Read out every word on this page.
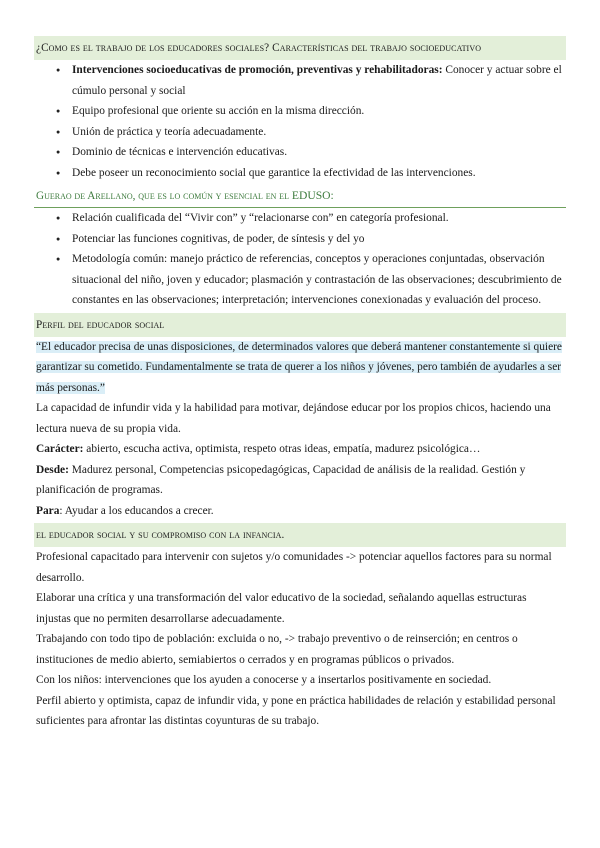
¿Como es el trabajo de los educadores sociales? Características del trabajo socioeducativo
● Intervenciones socioeducativas de promoción, preventivas y rehabilitadoras: Conocer y actuar sobre el cúmulo personal y social
● Equipo profesional que oriente su acción en la misma dirección.
● Unión de práctica y teoría adecuadamente.
● Dominio de técnicas e intervención educativas.
● Debe poseer un reconocimiento social que garantice la efectividad de las intervenciones.
Guerao de Arellano, que es lo común y esencial en el EDUSO:
● Relación cualificada del “Vivir con” y “relacionarse con” en categoría profesional.
● Potenciar las funciones cognitivas, de poder, de síntesis y del yo
● Metodología común: manejo práctico de referencias, conceptos y operaciones conjuntadas, observación situacional del niño, joven y educador; plasmación y contrastación de las observaciones; descubrimiento de constantes en las observaciones; interpretación; intervenciones conexionadas y evaluación del proceso.
Perfil del educador social

“El educador precisa de unas disposiciones, de determinados valores que deberá mantener constantemente si quiere garantizar su cometido. Fundamentalmente se trata de querer a los niños y jóvenes, pero también de ayudarles a ser más personas.”

La capacidad de infundir vida y la habilidad para motivar, dejándose educar por los propios chicos, haciendo una lectura nueva de su propia vida.

Carácter: abierto, escucha activa, optimista, respeto otras ideas, empatía, madurez psicológica…

Desde: Madurez personal, Competencias psicopedagógicas, Capacidad de análisis de la realidad. Gestión y planificación de programas.

Para: Ayudar a los educandos a crecer.

el educador social y su compromiso con la infancia.

Profesional capacitado para intervenir con sujetos y/o comunidades -> potenciar aquellos factores para su normal desarrollo.

Elaborar una crítica y una transformación del valor educativo de la sociedad, señalando aquellas estructuras injustas que no permiten desarrollarse adecuadamente.

Trabajando con todo tipo de población: excluida o no, -> trabajo preventivo o de reinserción; en centros o instituciones de medio abierto, semiabiertos o cerrados y en programas públicos o privados.

Con los niños: intervenciones que los ayuden a conocerse y a insertarlos positivamente en sociedad.

Perfil abierto y optimista, capaz de infundir vida, y pone en práctica habilidades de relación y estabilidad personal suficientes para afrontar las distintas coyunturas de su trabajo.
